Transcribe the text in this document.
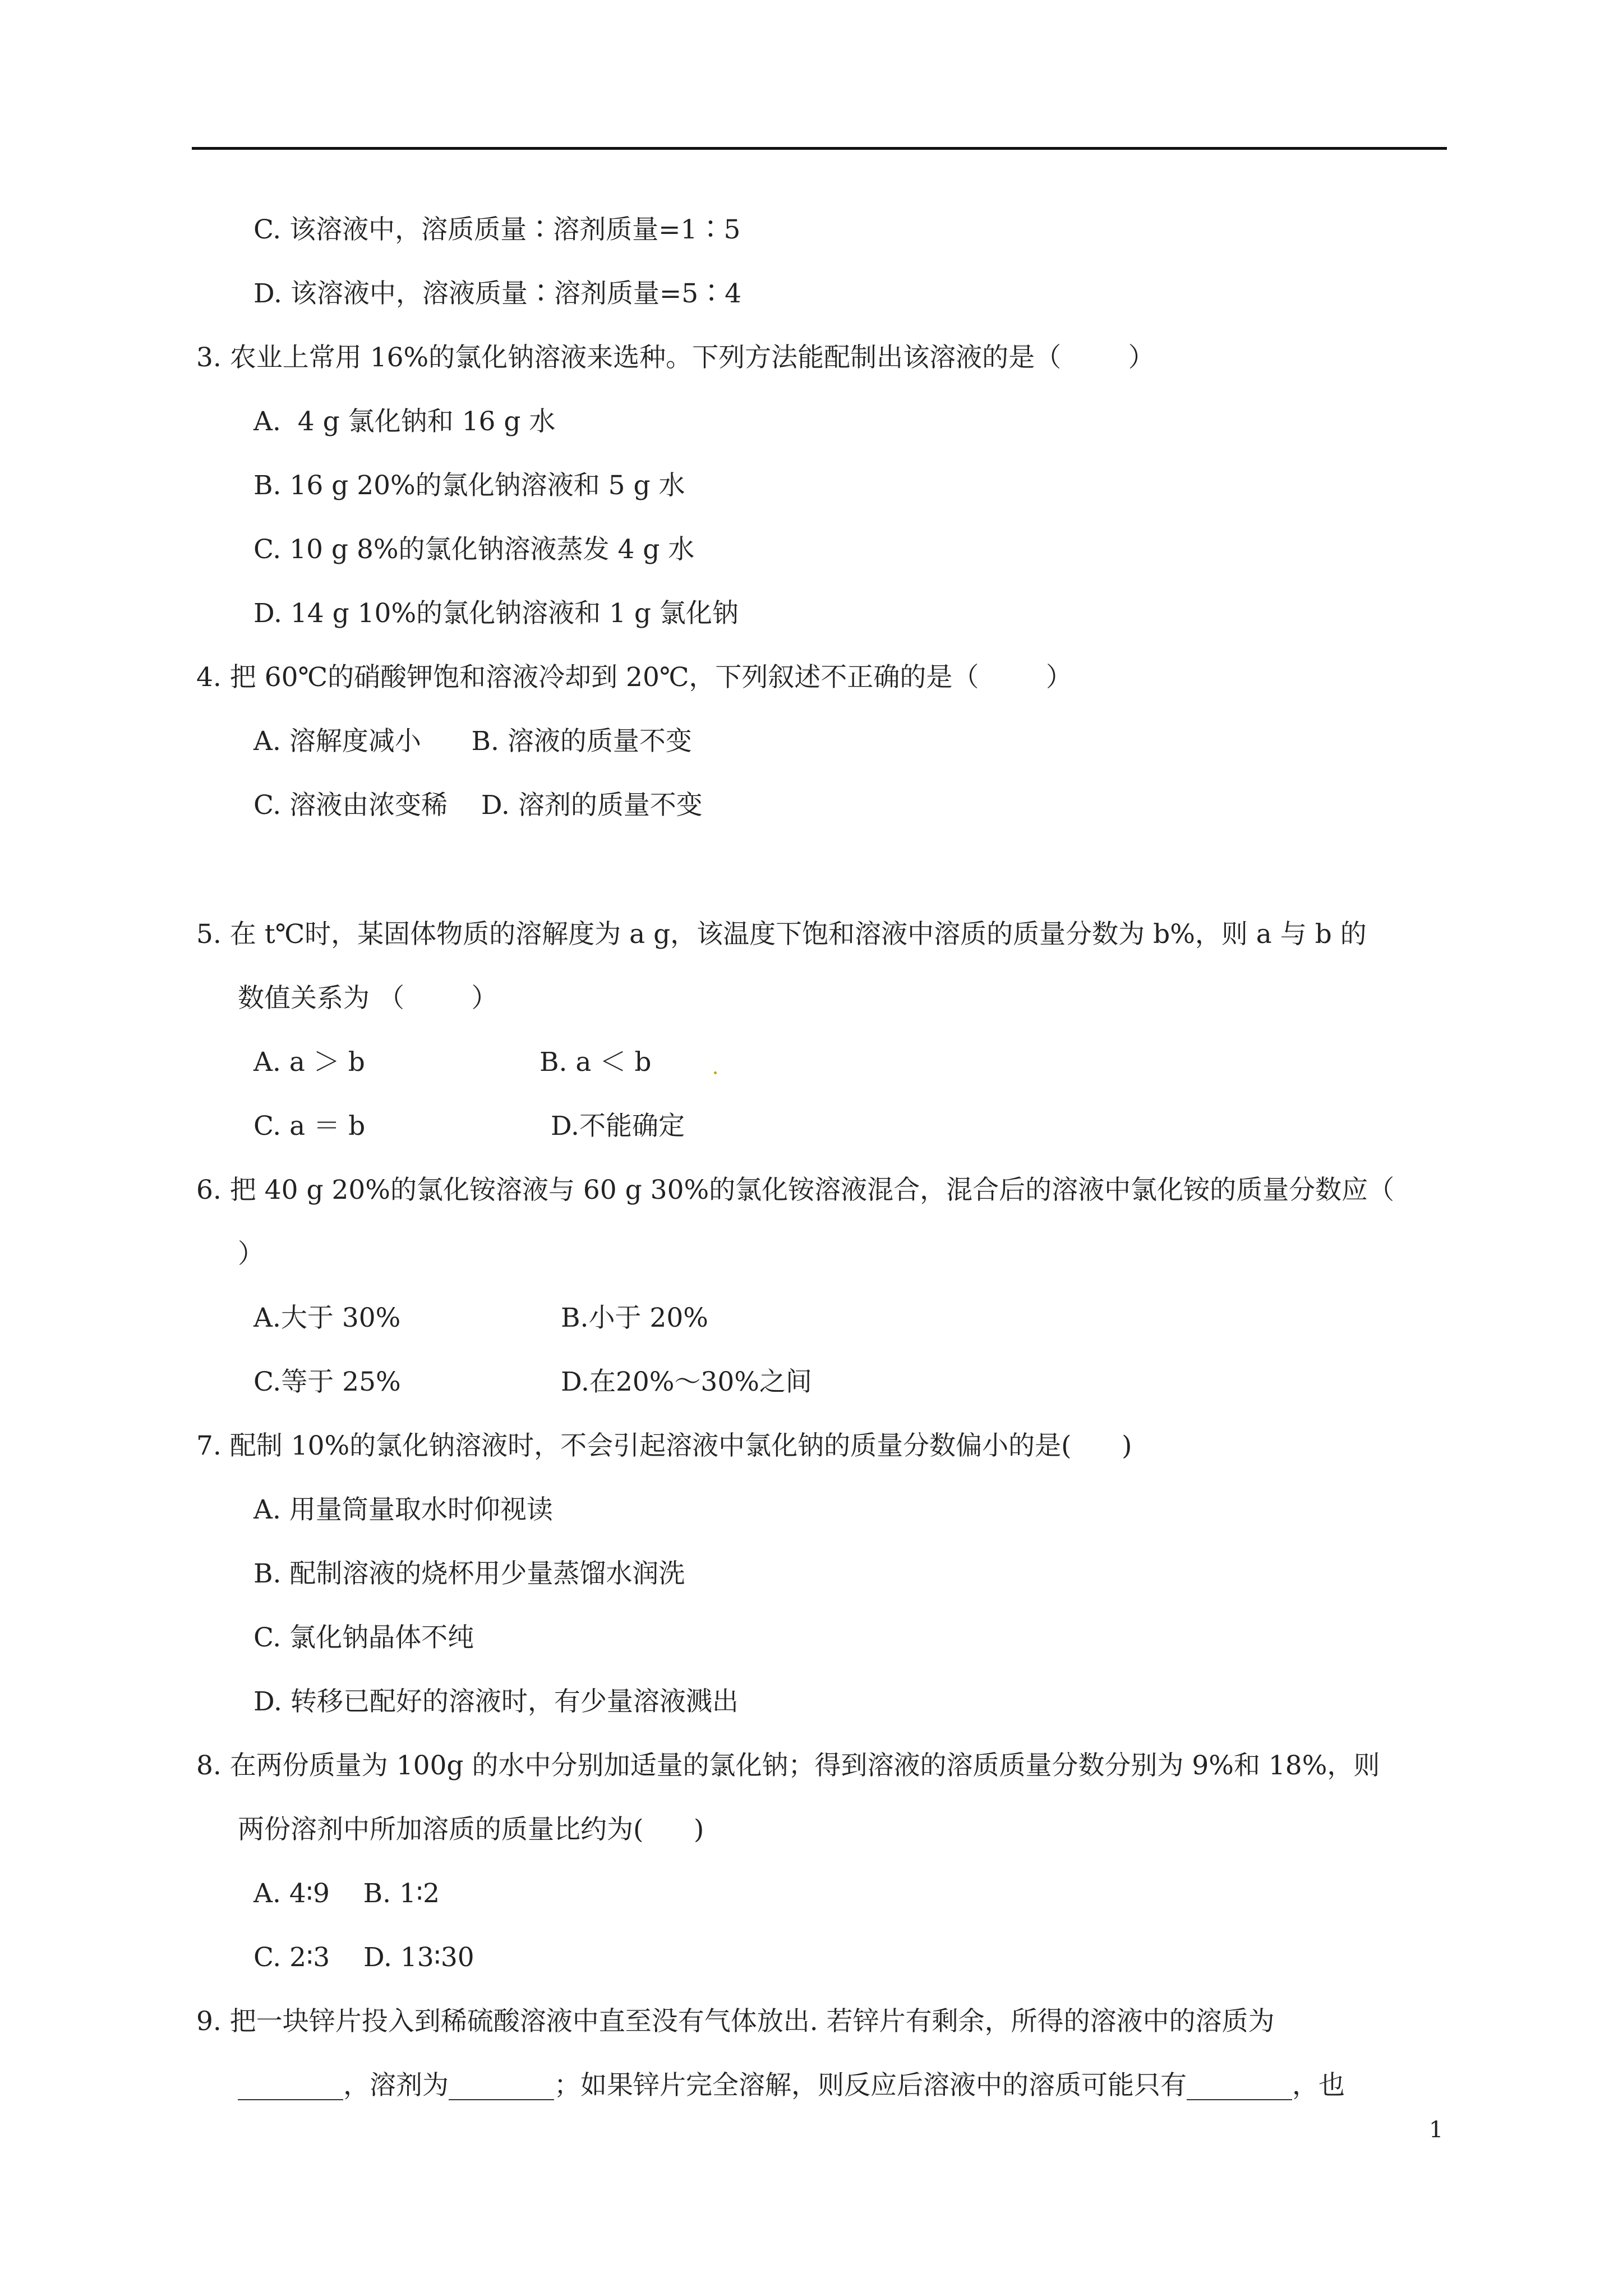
C. 该溶液中，溶质质量∶溶剂质量=1∶5
D. 该溶液中，溶液质量∶溶剂质量=5∶4
3. 农业上常用 16%的氯化钠溶液来选种。下列方法能配制出该溶液的是（        ）
A.  4 g 氯化钠和 16 g 水
B. 16 g 20%的氯化钠溶液和 5 g 水
C. 10 g 8%的氯化钠溶液蒸发 4 g 水
D. 14 g 10%的氯化钠溶液和 1 g 氯化钠
4. 把 60℃的硝酸钾饱和溶液冷却到 20℃，下列叙述不正确的是（        ）
A. 溶解度减小      B. 溶液的质量不变
C. 溶液由浓变稀    D. 溶剂的质量不变
5. 在 t℃时，某固体物质的溶解度为 a g，该温度下饱和溶液中溶质的质量分数为 b%，则 a 与 b 的
数值关系为 （        ）
A. a ＞ b	B. a ＜ b
C. a ＝ b	D.不能确定
6. 把 40 g 20%的氯化铵溶液与 60 g 30%的氯化铵溶液混合，混合后的溶液中氯化铵的质量分数应（
）
A.大于 30%	B.小于 20%
C.等于 25%	D.在20%～30%之间
7. 配制 10%的氯化钠溶液时，不会引起溶液中氯化钠的质量分数偏小的是(      )
A. 用量筒量取水时仰视读
B. 配制溶液的烧杯用少量蒸馏水润洗
C. 氯化钠晶体不纯
D. 转移已配好的溶液时，有少量溶液溅出
8. 在两份质量为 100g 的水中分别加适量的氯化钠；得到溶液的溶质质量分数分别为 9%和 18%，则
两份溶剂中所加溶质的质量比约为(      )
A. 4∶9    B. 1∶2
C. 2∶3    D. 13∶30
9. 把一块锌片投入到稀硫酸溶液中直至没有气体放出. 若锌片有剩余，所得的溶液中的溶质为
________，溶剂为________；如果锌片完全溶解，则反应后溶液中的溶质可能只有________，也
1
